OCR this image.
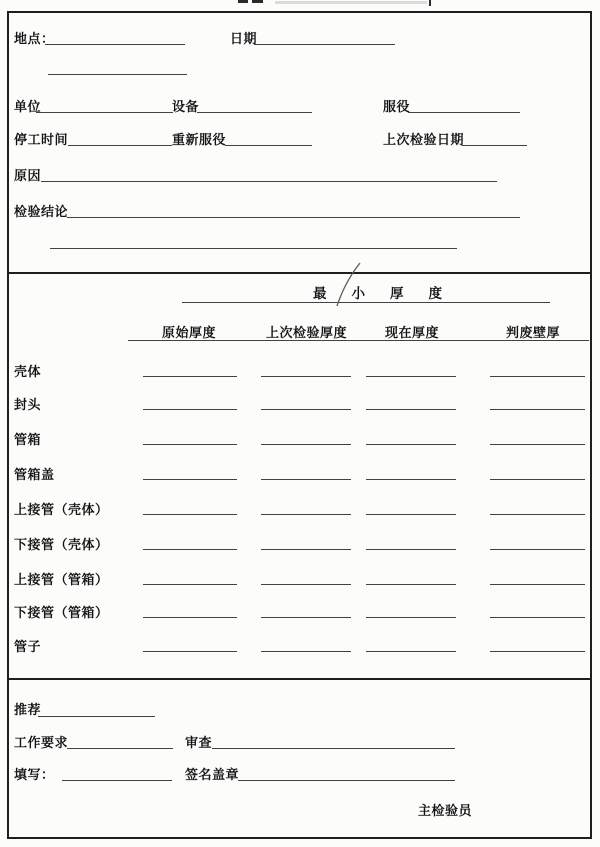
地点：	日期
单位	设备	服役
停工时间	重新服役	上次检验日期
原因
检验结论
最小厚度
原始厚度	上次检验厚度	现在厚度	判废壁厚
壳体
封头
管箱
管箱盖
上接管（壳体）
下接管（壳体）
上接管（管箱）
下接管（管箱）
管子
推荐
工作要求	审查
填写：	签名盖章
主检验员
